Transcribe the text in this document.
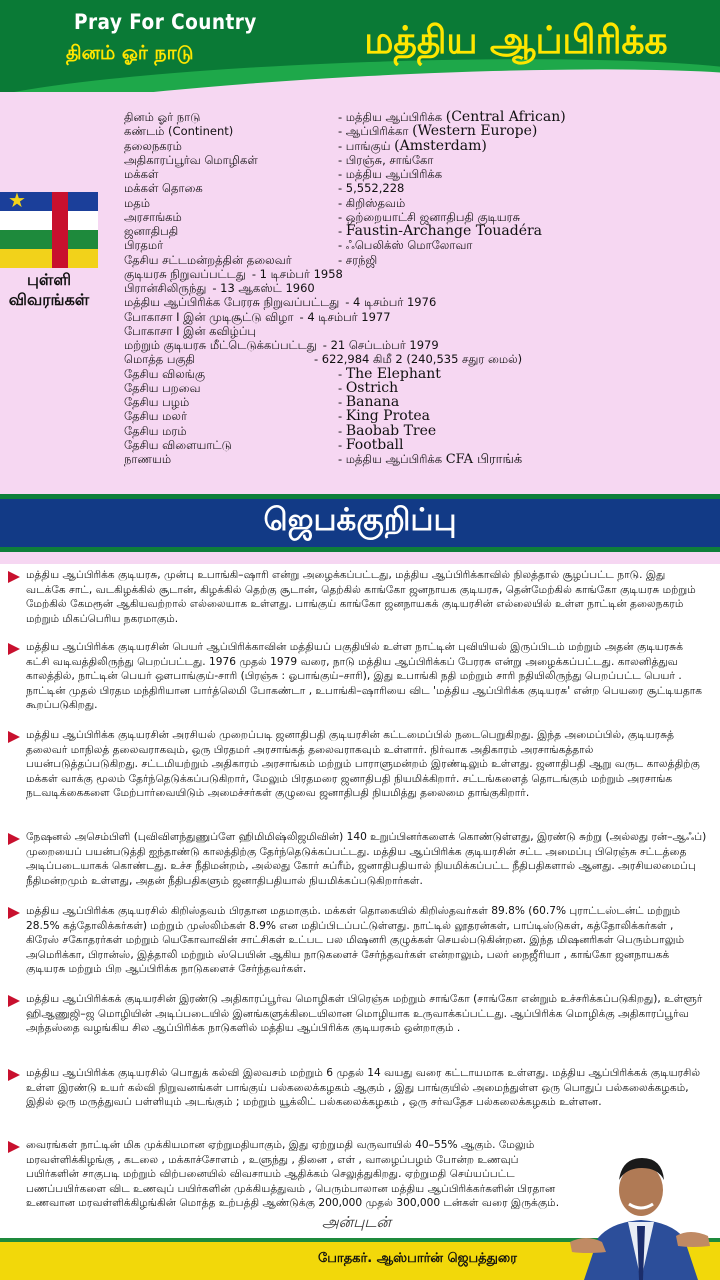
Pray For Country
தினம் ஓர் நாடு	மத்திய ஆப்பிரிக்க
★
புள்ளி விவரங்கள்
தினம் ஓர் நாடு	- மத்திய ஆப்பிரிக்க (Central African)
கண்டம் (Continent)	- ஆப்பிரிக்கா (Western Europe)
தலைநகரம்	- பாங்குய் (Amsterdam)
அதிகாரப்பூர்வ மொழிகள்	- பிரஞ்சு, சாங்கோ
மக்கள்	- மத்திய ஆப்பிரிக்க
மக்கள் தொகை	- 5,552,228
மதம்	- கிறிஸ்தவம்
அரசாங்கம்	- ஒற்றையாட்சி ஜனாதிபதி குடியரசு
ஜனாதிபதி	- Faustin-Archange Touadéra
பிரதமர்	- ஃபெலிக்ஸ் மொலோவா
தேசிய சட்டமன்றத்தின் தலைவர்	- சரந்ஜி
குடியரசு நிறுவப்பட்டது - 1 டிசம்பர் 1958
பிரான்சிலிருந்து - 13 ஆகஸ்ட் 1960
மத்திய ஆப்பிரிக்க பேரரசு நிறுவப்பட்டது - 4 டிசம்பர் 1976
போகாசா I இன் முடிசூட்டு விழா - 4 டிசம்பர் 1977
போகாசா I இன் கவிழ்ப்பு
மற்றும் குடியரசு மீட்டெடுக்கப்பட்டது - 21 செப்டம்பர் 1979
மொத்த பகுதி	- 622,984 கிமீ 2 (240,535 சதுர மைல்)
தேசிய விலங்கு	- The Elephant
தேசிய பறவை	- Ostrich
தேசிய பழம்	- Banana
தேசிய மலர்	- King Protea
தேசிய மரம்	- Baobab Tree
தேசிய விளையாட்டு	- Football
நாணயம்	- மத்திய ஆப்பிரிக்க CFA பிராங்க்
ஜெபக்குறிப்பு
மத்திய ஆப்பிரிக்க குடியரசு, முன்பு உபாங்கி–ஷாரி என்று அழைக்கப்பட்டது, மத்திய ஆப்பிரிக்காவில் நிலத்தால் சூழப்பட்ட நாடு. இது வடக்கே சாட், வடகிழக்கில் சூடான், கிழக்கில் தெற்கு சூடான், தெற்கில் காங்கோ ஜனநாயக குடியரசு, தென்மேற்கில் காங்கோ குடியரசு மற்றும் மேற்கில் கேமரூன் ஆகியவற்றால் எல்லையாக உள்ளது. பாங்குய் காங்கோ ஜனநாயகக் குடியரசின் எல்லையில் உள்ள நாட்டின் தலைநகரம் மற்றும் மிகப்பெரிய நகரமாகும்.
மத்திய ஆப்பிரிக்க குடியரசின் பெயர் ஆப்பிரிக்காவின் மத்தியப் பகுதியில் உள்ள நாட்டின் புவியியல் இருப்பிடம் மற்றும் அதன் குடியரசுக் கட்சி வடிவத்திலிருந்து பெறப்பட்டது. 1976 முதல் 1979 வரை, நாடு மத்திய ஆப்பிரிக்கப் பேரரசு என்று அழைக்கப்பட்டது. காலனித்துவ காலத்தில், நாட்டின் பெயர் ஔபாங்குய்-சாரி (பிரஞ்சு : ஓபாங்குய்–சாரி), இது உபாங்கி நதி மற்றும் சாரி நதியிலிருந்து பெறப்பட்ட பெயர் . நாட்டின் முதல் பிரதம மந்திரியான பார்த்லெமி போகண்டா , உபாங்கி–ஷாரியை விட 'மத்திய ஆப்பிரிக்க குடியரசு' என்ற பெயரை சூட்டியதாக கூறப்படுகிறது.
மத்திய ஆப்பிரிக்க குடியரசின் அரசியல் முறைப்படி ஜனாதிபதி குடியரசின் கட்டமைப்பில் நடைபெறுகிறது. இந்த அமைப்பில், குடியரசுத் தலைவர் மாநிலத் தலைவராகவும், ஒரு பிரதமர் அரசாங்கத் தலைவராகவும் உள்ளார். நிர்வாக அதிகாரம் அரசாங்கத்தால் பயன்படுத்தப்படுகிறது. சட்டமியற்றும் அதிகாரம் அரசாங்கம் மற்றும் பாராளுமன்றம் இரண்டிலும் உள்ளது. ஜனாதிபதி ஆறு வருட காலத்திற்கு மக்கள் வாக்கு மூலம் தேர்ந்தெடுக்கப்படுகிறார், மேலும் பிரதமரை ஜனாதிபதி நியமிக்கிறார். சட்டங்களைத் தொடங்கும் மற்றும் அரசாங்க நடவடிக்கைகளை மேற்பார்வையிடும் அமைச்சர்கள் குழுவை ஜனாதிபதி நியமித்து தலைமை தாங்குகிறார்.
நேஷனல் அசெம்பிளி (புவிவிளந்துணுப்ளே ஹிமிமிஷ்லிஜமிவின்) 140 உறுப்பினர்களைக் கொண்டுள்ளது, இரண்டு சுற்று (அல்லது ரன்–ஆஃப்) முறையைப் பயன்படுத்தி ஐந்தாண்டு காலத்திற்கு தேர்ந்தெடுக்கப்பட்டது. மத்திய ஆப்பிரிக்க குடியரசின் சட்ட அமைப்பு பிரெஞ்சு சட்டத்தை அடிப்படையாகக் கொண்டது. உச்ச நீதிமன்றம், அல்லது கோர் சுப்ரீம், ஜனாதிபதியால் நியமிக்கப்பட்ட நீதிபதிகளால் ஆனது. அரசியலமைப்பு நீதிமன்றமும் உள்ளது, அதன் நீதிபதிகளும் ஜனாதிபதியால் நியமிக்கப்படுகிறார்கள்.
மத்திய ஆப்பிரிக்க குடியரசில் கிறிஸ்தவம் பிரதான மதமாகும். மக்கள் தொகையில் கிறிஸ்தவர்கள் 89.8% (60.7% புராட்டஸ்டன்ட் மற்றும் 28.5% கத்தோலிக்கர்கள்) மற்றும் முஸ்லிம்கள் 8.9% என மதிப்பிடப்பட்டுள்ளது. நாட்டில் லூதரன்கள், பாப்டிஸ்டுகள், கத்தோலிக்கர்கள் , கிரேஸ் சகோதரர்கள் மற்றும் யெகோவாவின் சாட்சிகள் உட்பட பல மிஷனரி குழுக்கள் செயல்படுகின்றன. இந்த மிஷனரிகள் பெரும்பாலும் அமெரிக்கா, பிரான்ஸ், இத்தாலி மற்றும் ஸ்பெயின் ஆகிய நாடுகளைச் சேர்ந்தவர்கள் என்றாலும், பலர் நைஜீரியா , காங்கோ ஜனநாயகக் குடியரசு மற்றும் பிற ஆப்பிரிக்க நாடுகளைச் சேர்ந்தவர்கள்.
மத்திய ஆப்பிரிக்கக் குடியரசின் இரண்டு அதிகாரப்பூர்வ மொழிகள் பிரெஞ்சு மற்றும் சாங்கோ (சாங்கோ என்றும் உச்சரிக்கப்படுகிறது), உள்ளூர் ஹிஆணுஜி–ஜ மொழியின் அடிப்படையில் இனங்களுக்கிடையிலான மொழியாக உருவாக்கப்பட்டது. ஆப்பிரிக்க மொழிக்கு அதிகாரப்பூர்வ அந்தஸ்தை வழங்கிய சில ஆப்பிரிக்க நாடுகளில் மத்திய ஆப்பிரிக்க குடியரசும் ஒன்றாகும் .
மத்திய ஆப்பிரிக்க குடியரசில் பொதுக் கல்வி இலவசம் மற்றும் 6 முதல் 14 வயது வரை கட்டாயமாக உள்ளது. மத்திய ஆப்பிரிக்கக் குடியரசில் உள்ள இரண்டு உயர் கல்வி நிறுவனங்கள் பாங்குய் பல்கலைக்கழகம் ஆகும் , இது பாங்குயில் அமைந்துள்ள ஒரு பொதுப் பல்கலைக்கழகம், இதில் ஒரு மருத்துவப் பள்ளியும் அடங்கும் ; மற்றும் யூக்லிட் பல்கலைக்கழகம் , ஒரு சர்வதேச பல்கலைக்கழகம் உள்ளன.
வைரங்கள் நாட்டின் மிக முக்கியமான ஏற்றுமதியாகும், இது ஏற்றுமதி வருவாயில் 40–55% ஆகும். மேலும் மரவள்ளிக்கிழங்கு , கடலை , மக்காச்சோளம் , உளுந்து , தினை , எள் , வாழைப்பழம் போன்ற உணவுப் பயிர்களின் சாகுபடி மற்றும் விற்பனையில் விவசாயம் ஆதிக்கம் செலுத்துகிறது. ஏற்றுமதி செய்யப்பட்ட பணப்பயிர்களை விட உணவுப் பயிர்களின் முக்கியத்துவம் , பெரும்பாலான மத்திய ஆப்பிரிக்கர்களின் பிரதான உணவான மரவள்ளிக்கிழங்கின் மொத்த உற்பத்தி ஆண்டுக்கு 200,000 முதல் 300,000 டன்கள் வரை இருக்கும்.
அன்புடன்
போதகர். ஆஸ்பார்ன் ஜெபத்துரை
